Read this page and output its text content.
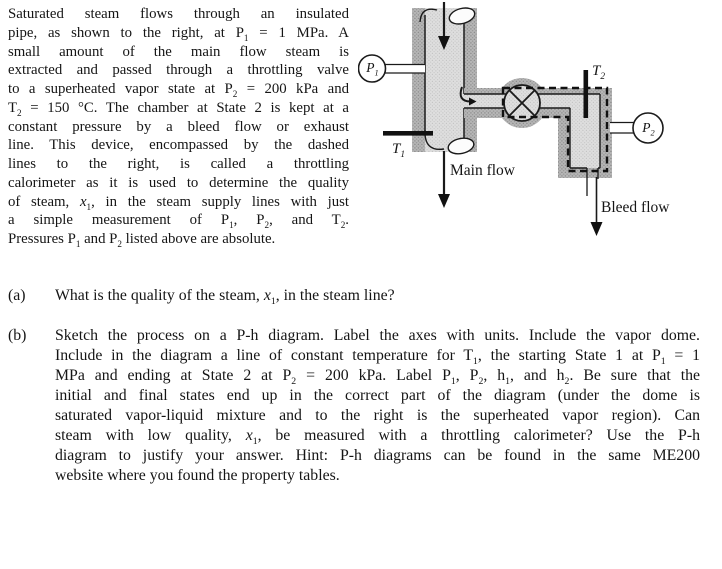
Saturated steam flows through an insulated
pipe, as shown to the right, at $P_1 = 1$ MPa. A
small amount of the main flow steam is
extracted and passed through a throttling valve
to a superheated vapor state at $P_2 = 200$ kPa and
$T_2 = 150$ °C. The chamber at State 2 is kept at a
constant pressure by a bleed flow or exhaust
line. This device, encompassed by the dashed
lines to the right, is called a throttling
calorimeter as it is used to determine the quality
of steam, $x_1$, in the steam supply lines with just
a simple measurement of $P_1$, $P_2$, and $T_2$.
Pressures $P_1$ and $P_2$ listed above are absolute.
$P_1$
$T_1$
$T_2$
$P_2$
Main flow
Bleed flow
(a) What is the quality of the steam, $x_1$, in the steam line?
(b) Sketch the process on a P-h diagram. Label the axes with units. Include the vapor dome.
Include in the diagram a line of constant temperature for $T_1$, the starting State 1 at $P_1 = 1$
MPa and ending at State 2 at $P_2 = 200$ kPa. Label $P_1$, $P_2$, $h_1$, and $h_2$. Be sure that the
initial and final states end up in the correct part of the diagram (under the dome is
saturated vapor-liquid mixture and to the right is the superheated vapor region). Can
steam with low quality, $x_1$, be measured with a throttling calorimeter? Use the P-h
diagram to justify your answer. Hint: P-h diagrams can be found in the same ME200
website where you found the property tables.
